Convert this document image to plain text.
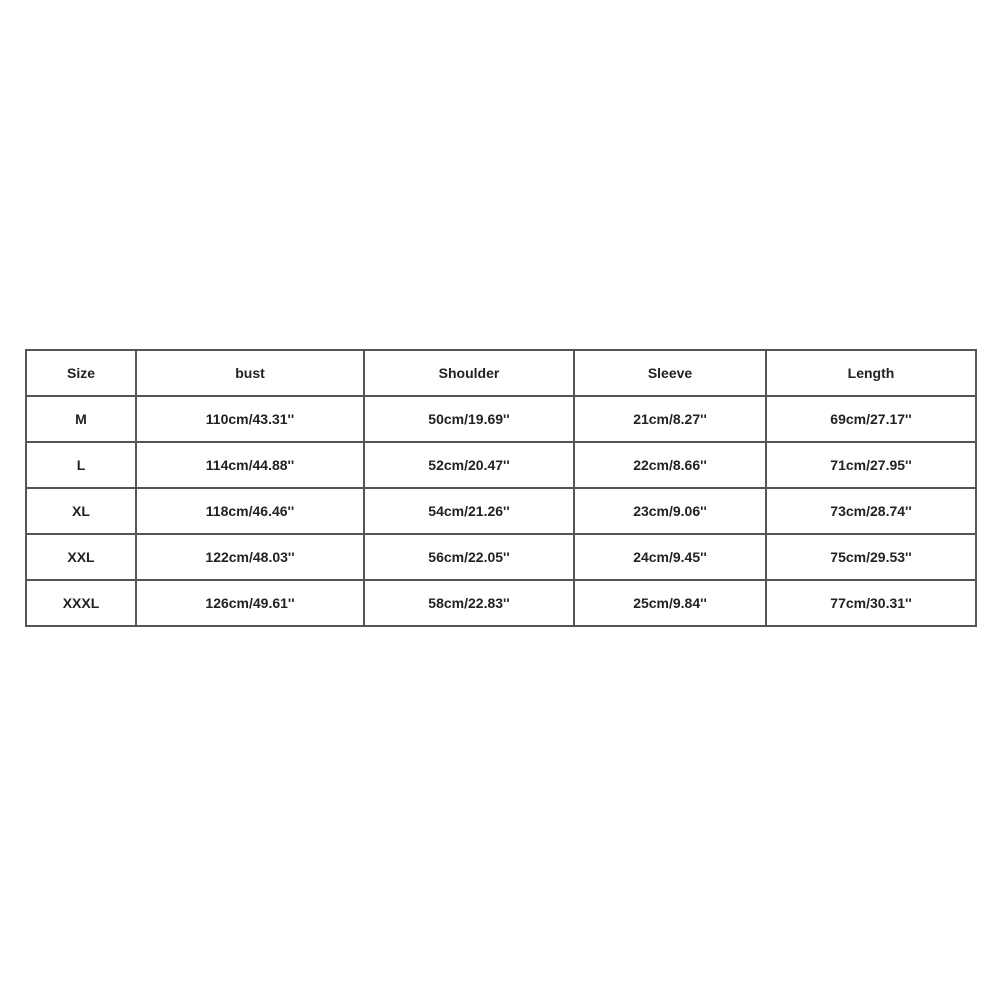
Size	bust	Shoulder	Sleeve	Length
M	110cm/43.31''	50cm/19.69''	21cm/8.27''	69cm/27.17''
L	114cm/44.88''	52cm/20.47''	22cm/8.66''	71cm/27.95''
XL	118cm/46.46''	54cm/21.26''	23cm/9.06''	73cm/28.74''
XXL	122cm/48.03''	56cm/22.05''	24cm/9.45''	75cm/29.53''
XXXL	126cm/49.61''	58cm/22.83''	25cm/9.84''	77cm/30.31''
